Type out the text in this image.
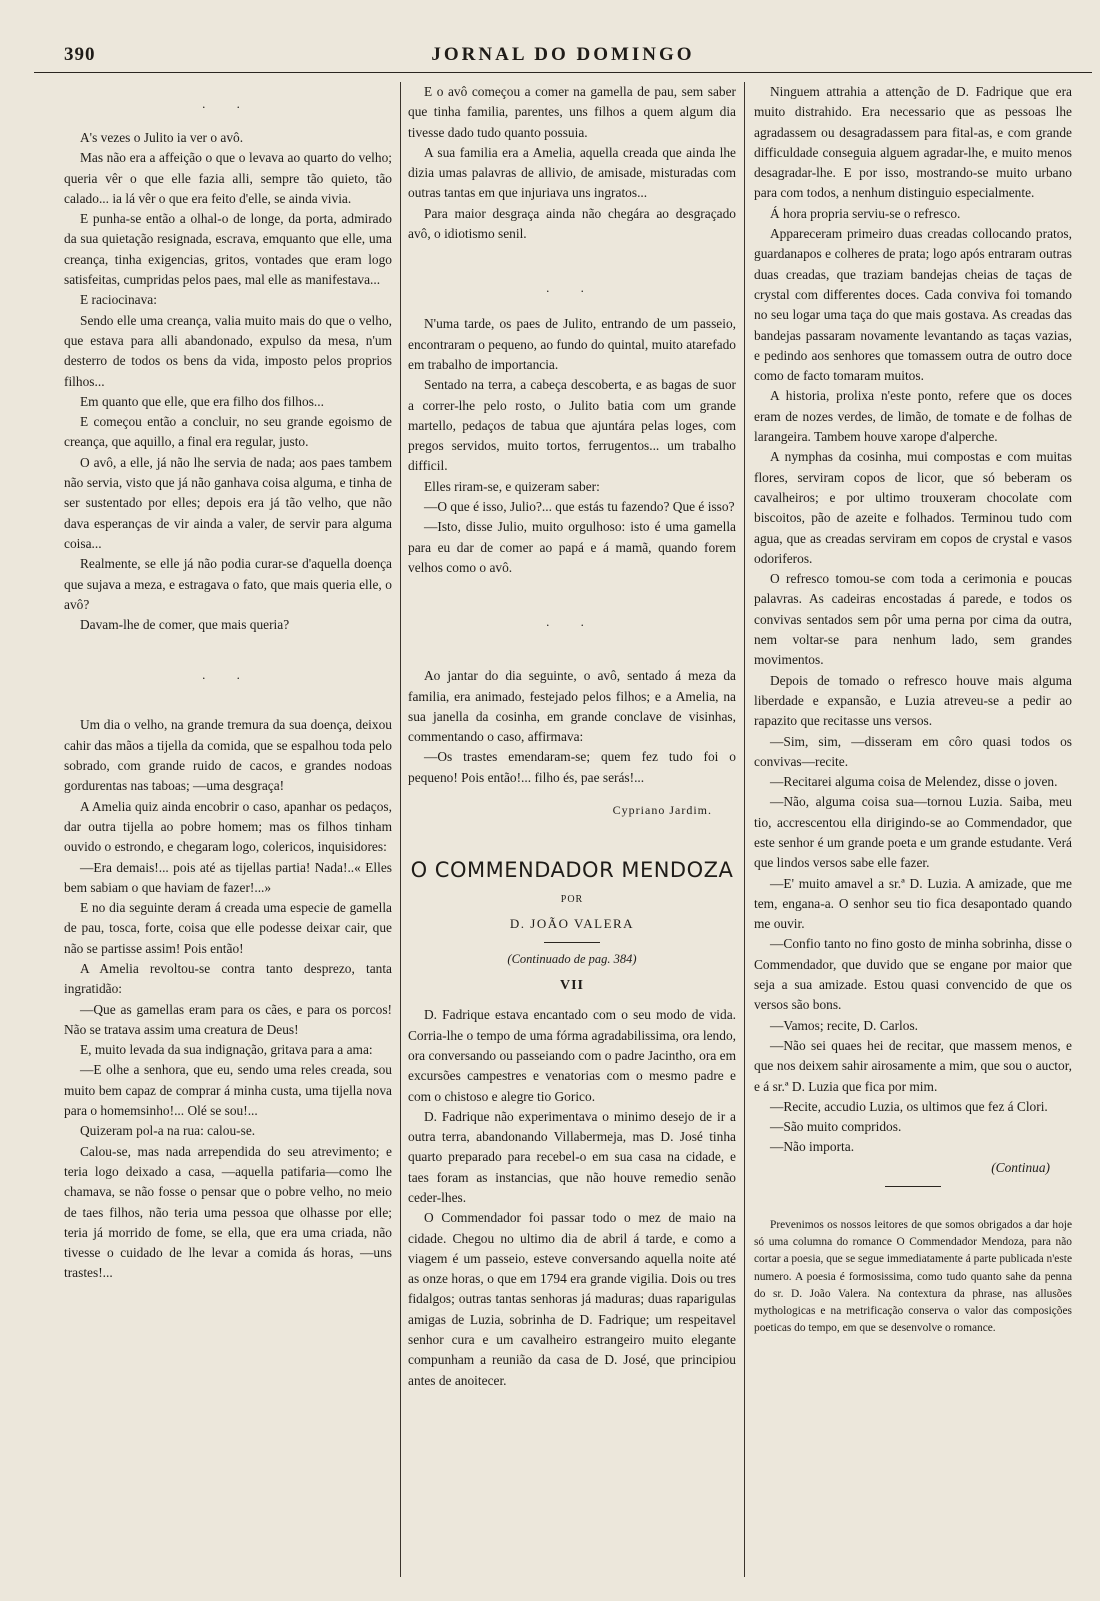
390	JORNAL DO DOMINGO
. .

A's vezes o Julito ia ver o avô.

Mas não era a affeição o que o levava ao quarto do velho; queria vêr o que elle fazia alli, sempre tão quieto, tão calado... ia lá vêr o que era feito d'elle, se ainda vivia.

E punha-se então a olhal-o de longe, da porta, admirado da sua quietação resignada, escrava, emquanto que elle, uma creança, tinha exigencias, gritos, vontades que eram logo satisfeitas, cumpridas pelos paes, mal elle as manifestava...

E raciocinava:

Sendo elle uma creança, valia muito mais do que o velho, que estava para alli abandonado, expulso da mesa, n'um desterro de todos os bens da vida, imposto pelos proprios filhos...

Em quanto que elle, que era filho dos filhos...

E começou então a concluir, no seu grande egoismo de creança, que aquillo, a final era regular, justo.

O avô, a elle, já não lhe servia de nada; aos paes tambem não servia, visto que já não ganhava coisa alguma, e tinha de ser sustentado por elles; depois era já tão velho, que não dava esperanças de vir ainda a valer, de servir para alguma coisa...

Realmente, se elle já não podia curar-se d'aquella doença que sujava a meza, e estragava o fato, que mais queria elle, o avô?

Davam-lhe de comer, que mais queria?

. .

Um dia o velho, na grande tremura da sua doença, deixou cahir das mãos a tijella da comida, que se espalhou toda pelo sobrado, com grande ruido de cacos, e grandes nodoas gordurentas nas taboas; —uma desgraça!

A Amelia quiz ainda encobrir o caso, apanhar os pedaços, dar outra tijella ao pobre homem; mas os filhos tinham ouvido o estrondo, e chegaram logo, colericos, inquisidores:

—Era demais!... pois até as tijellas partia! Nada!..« Elles bem sabiam o que haviam de fazer!...»

E no dia seguinte deram á creada uma especie de gamella de pau, tosca, forte, coisa que elle podesse deixar cair, que não se partisse assim! Pois então!

A Amelia revoltou-se contra tanto desprezo, tanta ingratidão:

—Que as gamellas eram para os cães, e para os porcos! Não se tratava assim uma creatura de Deus!

E, muito levada da sua indignação, gritava para a ama:

—E olhe a senhora, que eu, sendo uma reles creada, sou muito bem capaz de comprar á minha custa, uma tijella nova para o homemsinho!... Olé se sou!...

Quizeram pol-a na rua: calou-se.

Calou-se, mas nada arrependida do seu atrevimento; e teria logo deixado a casa, —aquella patifaria—como lhe chamava, se não fosse o pensar que o pobre velho, no meio de taes filhos, não teria uma pessoa que olhasse por elle; teria já morrido de fome, se ella, que era uma criada, não tivesse o cuidado de lhe levar a comida ás horas, —uns trastes!...

E o avô começou a comer na gamella de pau, sem saber que tinha familia, parentes, uns filhos a quem algum dia tivesse dado tudo quanto possuia.

A sua familia era a Amelia, aquella creada que ainda lhe dizia umas palavras de allivio, de amisade, misturadas com outras tantas em que injuriava uns ingratos...

Para maior desgraça ainda não chegára ao desgraçado avô, o idiotismo senil.

. .

N'uma tarde, os paes de Julito, entrando de um passeio, encontraram o pequeno, ao fundo do quintal, muito atarefado em trabalho de importancia.

Sentado na terra, a cabeça descoberta, e as bagas de suor a correr-lhe pelo rosto, o Julito batia com um grande martello, pedaços de tabua que ajuntára pelas loges, com pregos servidos, muito tortos, ferrugentos... um trabalho difficil.

Elles riram-se, e quizeram saber:

—O que é isso, Julio?... que estás tu fazendo? Que é isso?

—Isto, disse Julio, muito orgulhoso: isto é uma gamella para eu dar de comer ao papá e á mamã, quando forem velhos como o avô.

. .

Ao jantar do dia seguinte, o avô, sentado á meza da familia, era animado, festejado pelos filhos; e a Amelia, na sua janella da cosinha, em grande conclave de visinhas, commentando o caso, affirmava:

—Os trastes emendaram-se; quem fez tudo foi o pequeno! Pois então!... filho és, pae serás!...

Cypriano Jardim.
O COMMENDADOR MENDOZA
POR
D. JOÃO VALERA
(Continuado de pag. 384)
VII

D. Fadrique estava encantado com o seu modo de vida. Corria-lhe o tempo de uma fórma agradabilissima, ora lendo, ora conversando ou passeiando com o padre Jacintho, ora em excursões campestres e venatorias com o mesmo padre e com o chistoso e alegre tio Gorico.

D. Fadrique não experimentava o minimo desejo de ir a outra terra, abandonando Villabermeja, mas D. José tinha quarto preparado para recebel-o em sua casa na cidade, e taes foram as instancias, que não houve remedio senão ceder-lhes.

O Commendador foi passar todo o mez de maio na cidade. Chegou no ultimo dia de abril á tarde, e como a viagem é um passeio, esteve conversando aquella noite até as onze horas, o que em 1794 era grande vigilia. Dois ou tres fidalgos; outras tantas senhoras já maduras; duas raparigulas amigas de Luzia, sobrinha de D. Fadrique; um respeitavel senhor cura e um cavalheiro estrangeiro muito elegante compunham a reunião da casa de D. José, que principiou antes de anoitecer.

Ninguem attrahia a attenção de D. Fadrique que era muito distrahido. Era necessario que as pessoas lhe agradassem ou desagradassem para fital-as, e com grande difficuldade conseguia alguem agradar-lhe, e muito menos desagradar-lhe. E por isso, mostrando-se muito urbano para com todos, a nenhum distinguio especialmente.

Á hora propria serviu-se o refresco.

Appareceram primeiro duas creadas collocando pratos, guardanapos e colheres de prata; logo após entraram outras duas creadas, que traziam bandejas cheias de taças de crystal com differentes doces. Cada conviva foi tomando no seu logar uma taça do que mais gostava. As creadas das bandejas passaram novamente levantando as taças vazias, e pedindo aos senhores que tomassem outra de outro doce como de facto tomaram muitos.

A historia, prolixa n'este ponto, refere que os doces eram de nozes verdes, de limão, de tomate e de folhas de larangeira. Tambem houve xarope d'alperche.

A nymphas da cosinha, mui compostas e com muitas flores, serviram copos de licor, que só beberam os cavalheiros; e por ultimo trouxeram chocolate com biscoitos, pão de azeite e folhados. Terminou tudo com agua, que as creadas serviram em copos de crystal e vasos odoriferos.

O refresco tomou-se com toda a cerimonia e poucas palavras. As cadeiras encostadas á parede, e todos os convivas sentados sem pôr uma perna por cima da outra, nem voltar-se para nenhum lado, sem grandes movimentos.

Depois de tomado o refresco houve mais alguma liberdade e expansão, e Luzia atreveu-se a pedir ao rapazito que recitasse uns versos.

—Sim, sim, —disseram em côro quasi todos os convivas—recite.

—Recitarei alguma coisa de Melendez, disse o joven.

—Não, alguma coisa sua—tornou Luzia. Saiba, meu tio, accrescentou ella dirigindo-se ao Commendador, que este senhor é um grande poeta e um grande estudante. Verá que lindos versos sabe elle fazer.

—E' muito amavel a sr.ª D. Luzia. A amizade, que me tem, engana-a. O senhor seu tio fica desapontado quando me ouvir.

—Confio tanto no fino gosto de minha sobrinha, disse o Commendador, que duvido que se engane por maior que seja a sua amizade. Estou quasi convencido de que os versos são bons.

—Vamos; recite, D. Carlos.

—Não sei quaes hei de recitar, que massem menos, e que nos deixem sahir airosamente a mim, que sou o auctor, e á sr.ª D. Luzia que fica por mim.

—Recite, accudio Luzia, os ultimos que fez á Clori.

—São muito compridos.

—Não importa.

(Continua)

Prevenimos os nossos leitores de que somos obrigados a dar hoje só uma columna do romance O Commendador Mendoza, para não cortar a poesia, que se segue immediatamente á parte publicada n'este numero. A poesia é formosissima, como tudo quanto sahe da penna do sr. D. João Valera. Na contextura da phrase, nas allusões mythologicas e na metrificação conserva o valor das composições poeticas do tempo, em que se desenvolve o romance.
